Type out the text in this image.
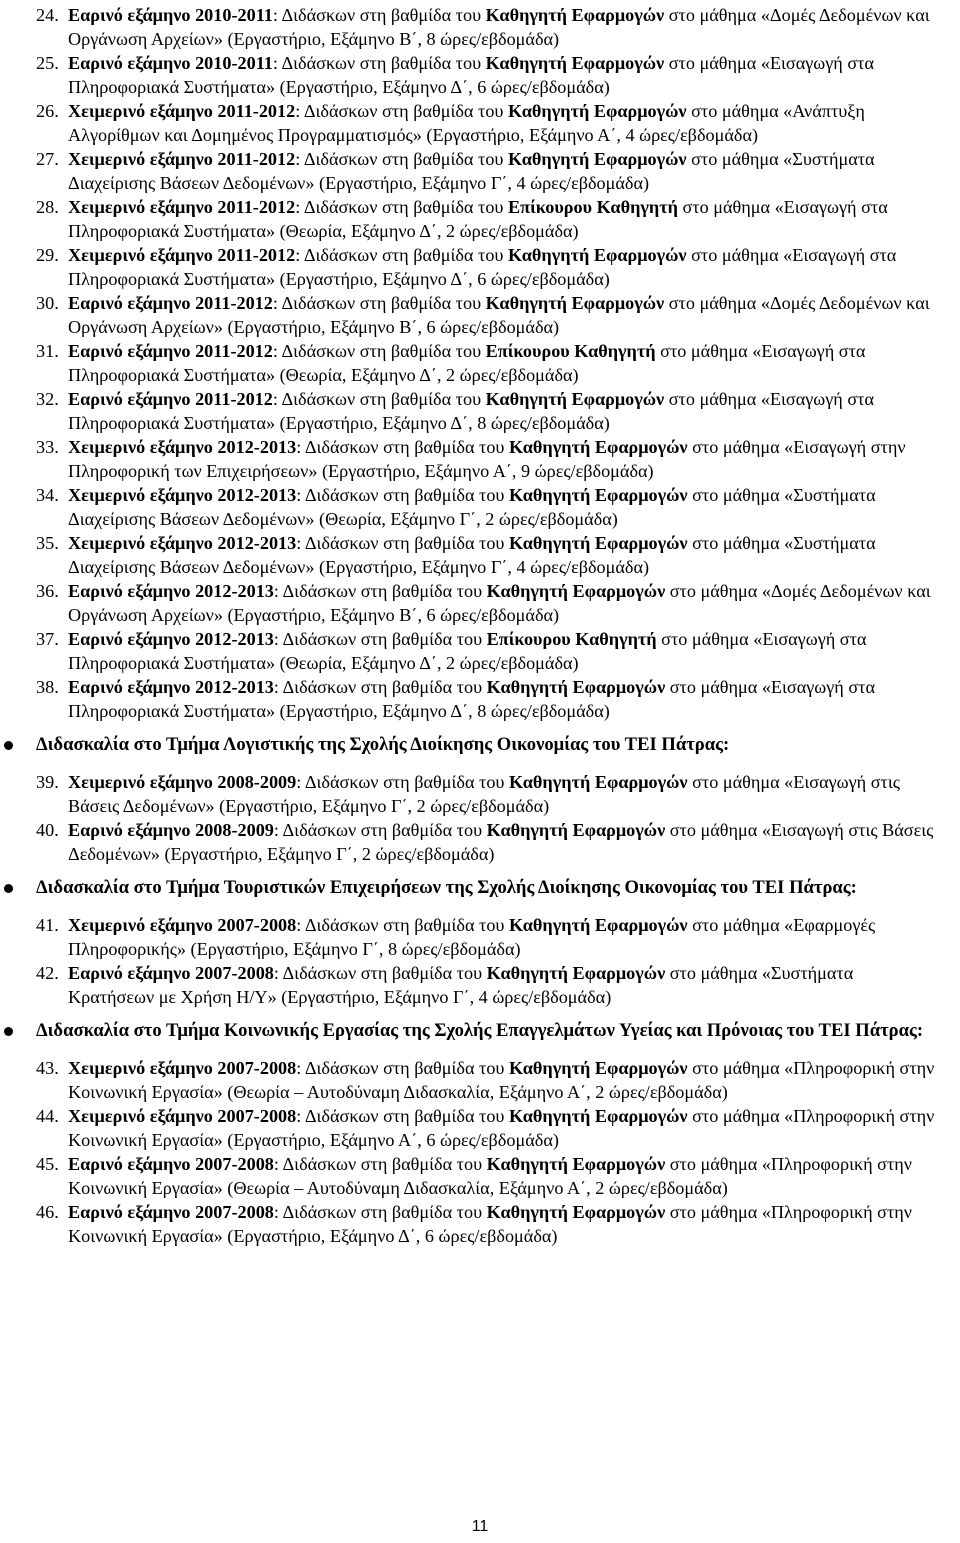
24. Εαρινό εξάμηνο 2010-2011: Διδάσκων στη βαθμίδα του Καθηγητή Εφαρμογών στο μάθημα «Δομές Δεδομένων και Οργάνωση Αρχείων» (Εργαστήριο, Εξάμηνο Β΄, 8 ώρες/εβδομάδα)
25. Εαρινό εξάμηνο 2010-2011: Διδάσκων στη βαθμίδα του Καθηγητή Εφαρμογών στο μάθημα «Εισαγωγή στα Πληροφοριακά Συστήματα» (Εργαστήριο, Εξάμηνο Δ΄, 6 ώρες/εβδομάδα)
26. Χειμερινό εξάμηνο 2011-2012: Διδάσκων στη βαθμίδα του Καθηγητή Εφαρμογών στο μάθημα «Ανάπτυξη Αλγορίθμων και Δομημένος Προγραμματισμός» (Εργαστήριο, Εξάμηνο Α΄, 4 ώρες/εβδομάδα)
27. Χειμερινό εξάμηνο 2011-2012: Διδάσκων στη βαθμίδα του Καθηγητή Εφαρμογών στο μάθημα «Συστήματα Διαχείρισης Βάσεων Δεδομένων» (Εργαστήριο, Εξάμηνο Γ΄, 4 ώρες/εβδομάδα)
28. Χειμερινό εξάμηνο 2011-2012: Διδάσκων στη βαθμίδα του Επίκουρου Καθηγητή στο μάθημα «Εισαγωγή στα Πληροφοριακά Συστήματα» (Θεωρία, Εξάμηνο Δ΄, 2 ώρες/εβδομάδα)
29. Χειμερινό εξάμηνο 2011-2012: Διδάσκων στη βαθμίδα του Καθηγητή Εφαρμογών στο μάθημα «Εισαγωγή στα Πληροφοριακά Συστήματα» (Εργαστήριο, Εξάμηνο Δ΄, 6 ώρες/εβδομάδα)
30. Εαρινό εξάμηνο 2011-2012: Διδάσκων στη βαθμίδα του Καθηγητή Εφαρμογών στο μάθημα «Δομές Δεδομένων και Οργάνωση Αρχείων» (Εργαστήριο, Εξάμηνο Β΄, 6 ώρες/εβδομάδα)
31. Εαρινό εξάμηνο 2011-2012: Διδάσκων στη βαθμίδα του Επίκουρου Καθηγητή στο μάθημα «Εισαγωγή στα Πληροφοριακά Συστήματα» (Θεωρία, Εξάμηνο Δ΄, 2 ώρες/εβδομάδα)
32. Εαρινό εξάμηνο 2011-2012: Διδάσκων στη βαθμίδα του Καθηγητή Εφαρμογών στο μάθημα «Εισαγωγή στα Πληροφοριακά Συστήματα» (Εργαστήριο, Εξάμηνο Δ΄, 8 ώρες/εβδομάδα)
33. Χειμερινό εξάμηνο 2012-2013: Διδάσκων στη βαθμίδα του Καθηγητή Εφαρμογών στο μάθημα «Εισαγωγή στην Πληροφορική των Επιχειρήσεων» (Εργαστήριο, Εξάμηνο Α΄, 9 ώρες/εβδομάδα)
34. Χειμερινό εξάμηνο 2012-2013: Διδάσκων στη βαθμίδα του Καθηγητή Εφαρμογών στο μάθημα «Συστήματα Διαχείρισης Βάσεων Δεδομένων» (Θεωρία, Εξάμηνο Γ΄, 2 ώρες/εβδομάδα)
35. Χειμερινό εξάμηνο 2012-2013: Διδάσκων στη βαθμίδα του Καθηγητή Εφαρμογών στο μάθημα «Συστήματα Διαχείρισης Βάσεων Δεδομένων» (Εργαστήριο, Εξάμηνο Γ΄, 4 ώρες/εβδομάδα)
36. Εαρινό εξάμηνο 2012-2013: Διδάσκων στη βαθμίδα του Καθηγητή Εφαρμογών στο μάθημα «Δομές Δεδομένων και Οργάνωση Αρχείων» (Εργαστήριο, Εξάμηνο Β΄, 6 ώρες/εβδομάδα)
37. Εαρινό εξάμηνο 2012-2013: Διδάσκων στη βαθμίδα του Επίκουρου Καθηγητή στο μάθημα «Εισαγωγή στα Πληροφοριακά Συστήματα» (Θεωρία, Εξάμηνο Δ΄, 2 ώρες/εβδομάδα)
38. Εαρινό εξάμηνο 2012-2013: Διδάσκων στη βαθμίδα του Καθηγητή Εφαρμογών στο μάθημα «Εισαγωγή στα Πληροφοριακά Συστήματα» (Εργαστήριο, Εξάμηνο Δ΄, 8 ώρες/εβδομάδα)
Διδασκαλία στο Τμήμα Λογιστικής της Σχολής Διοίκησης Οικονομίας του ΤΕΙ Πάτρας:
39. Χειμερινό εξάμηνο 2008-2009: Διδάσκων στη βαθμίδα του Καθηγητή Εφαρμογών στο μάθημα «Εισαγωγή στις Βάσεις Δεδομένων» (Εργαστήριο, Εξάμηνο Γ΄, 2 ώρες/εβδομάδα)
40. Εαρινό εξάμηνο 2008-2009: Διδάσκων στη βαθμίδα του Καθηγητή Εφαρμογών στο μάθημα «Εισαγωγή στις Βάσεις Δεδομένων» (Εργαστήριο, Εξάμηνο Γ΄, 2 ώρες/εβδομάδα)
Διδασκαλία στο Τμήμα Τουριστικών Επιχειρήσεων της Σχολής Διοίκησης Οικονομίας του ΤΕΙ Πάτρας:
41. Χειμερινό εξάμηνο 2007-2008: Διδάσκων στη βαθμίδα του Καθηγητή Εφαρμογών στο μάθημα «Εφαρμογές Πληροφορικής» (Εργαστήριο, Εξάμηνο Γ΄, 8 ώρες/εβδομάδα)
42. Εαρινό εξάμηνο 2007-2008: Διδάσκων στη βαθμίδα του Καθηγητή Εφαρμογών στο μάθημα «Συστήματα Κρατήσεων με Χρήση Η/Υ» (Εργαστήριο, Εξάμηνο Γ΄, 4 ώρες/εβδομάδα)
Διδασκαλία στο Τμήμα Κοινωνικής Εργασίας της Σχολής Επαγγελμάτων Υγείας και Πρόνοιας του ΤΕΙ Πάτρας:
43. Χειμερινό εξάμηνο 2007-2008: Διδάσκων στη βαθμίδα του Καθηγητή Εφαρμογών στο μάθημα «Πληροφορική στην Κοινωνική Εργασία» (Θεωρία – Αυτοδύναμη Διδασκαλία, Εξάμηνο Α΄, 2 ώρες/εβδομάδα)
44. Χειμερινό εξάμηνο 2007-2008: Διδάσκων στη βαθμίδα του Καθηγητή Εφαρμογών στο μάθημα «Πληροφορική στην Κοινωνική Εργασία» (Εργαστήριο, Εξάμηνο Α΄, 6 ώρες/εβδομάδα)
45. Εαρινό εξάμηνο 2007-2008: Διδάσκων στη βαθμίδα του Καθηγητή Εφαρμογών στο μάθημα «Πληροφορική στην Κοινωνική Εργασία» (Θεωρία – Αυτοδύναμη Διδασκαλία, Εξάμηνο Α΄, 2 ώρες/εβδομάδα)
46. Εαρινό εξάμηνο 2007-2008: Διδάσκων στη βαθμίδα του Καθηγητή Εφαρμογών στο μάθημα «Πληροφορική στην Κοινωνική Εργασία» (Εργαστήριο, Εξάμηνο Δ΄, 6 ώρες/εβδομάδα)
11
